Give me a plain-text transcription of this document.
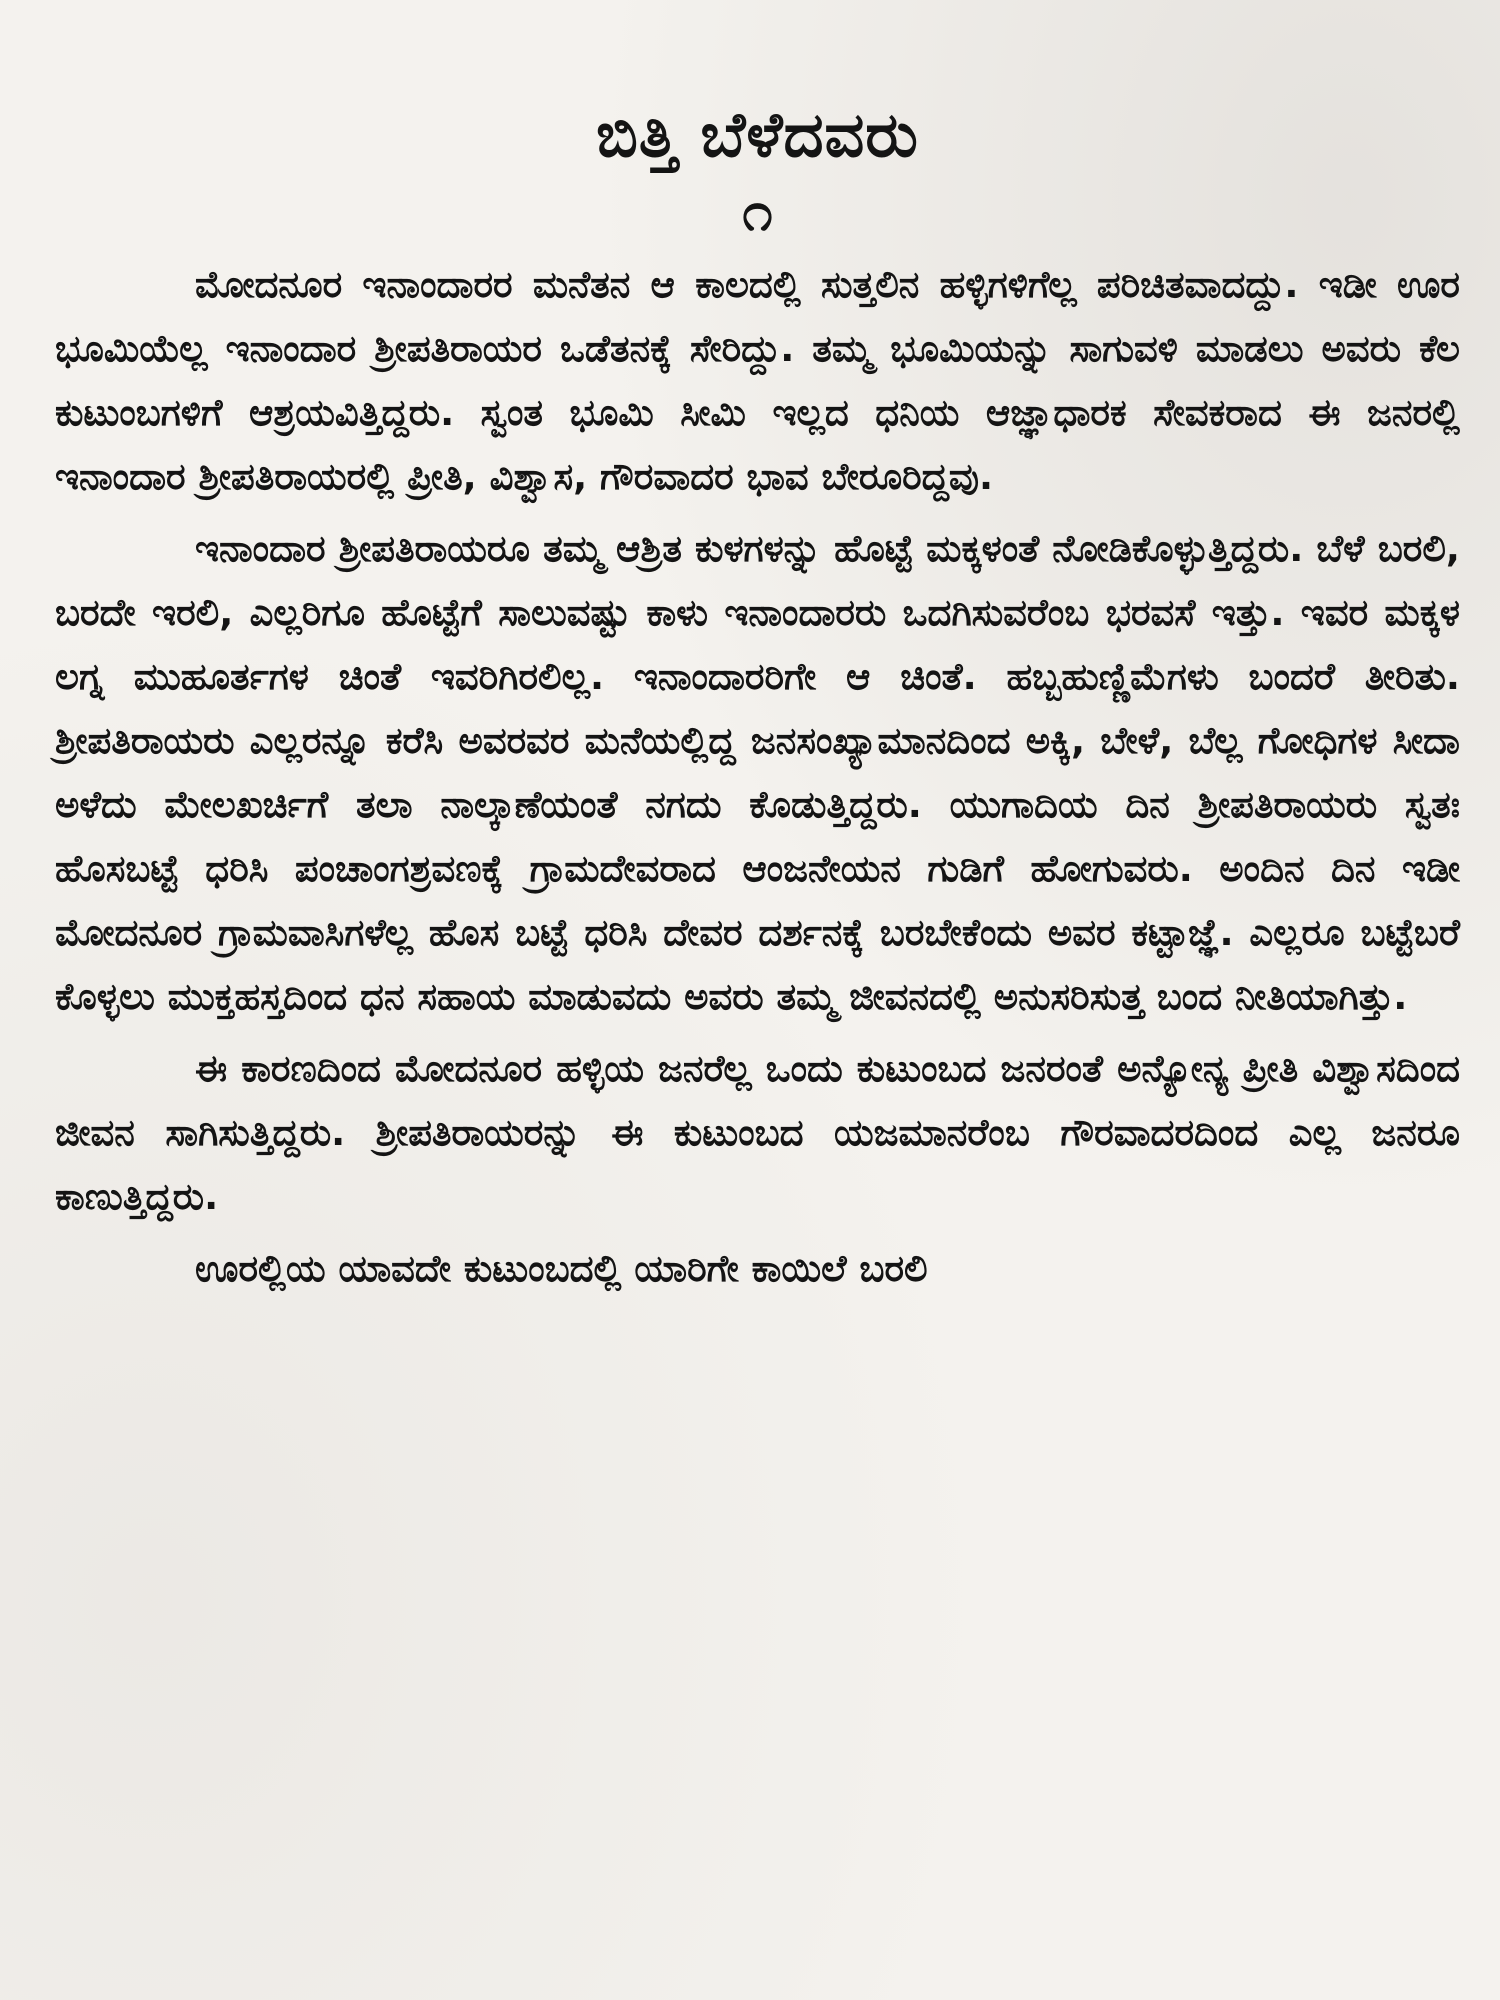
ಬಿತ್ತಿ ಬೆಳೆದವರು
೧

ಮೋದನೂರ ಇನಾಂದಾರರ ಮನೆತನ ಆ ಕಾಲದಲ್ಲಿ ಸುತ್ತಲಿನ ಹಳ್ಳಿಗಳಿಗೆಲ್ಲ ಪರಿಚಿತವಾದದ್ದು. ಇಡೀ ಊರ ಭೂಮಿಯೆಲ್ಲ ಇನಾಂದಾರ ಶ್ರೀಪತಿರಾಯರ ಒಡೆತನಕ್ಕೆ ಸೇರಿದ್ದು. ತಮ್ಮ ಭೂಮಿಯನ್ನು ಸಾಗುವಳಿ ಮಾಡಲು ಅವರು ಕೆಲ ಕುಟುಂಬಗಳಿಗೆ ಆಶ್ರಯವಿತ್ತಿದ್ದರು. ಸ್ವಂತ ಭೂಮಿ ಸೀಮಿ ಇಲ್ಲದ ಧನಿಯ ಆಜ್ಞಾಧಾರಕ ಸೇವಕರಾದ ಈ ಜನರಲ್ಲಿ ಇನಾಂದಾರ ಶ್ರೀಪತಿರಾಯರಲ್ಲಿ ಪ್ರೀತಿ, ವಿಶ್ವಾಸ, ಗೌರವಾದರ ಭಾವ ಬೇರೂರಿದ್ದವು.

ಇನಾಂದಾರ ಶ್ರೀಪತಿರಾಯರೂ ತಮ್ಮ ಆಶ್ರಿತ ಕುಳಗಳನ್ನು ಹೊಟ್ಟೆ ಮಕ್ಕಳಂತೆ ನೋಡಿಕೊಳ್ಳುತ್ತಿದ್ದರು. ಬೆಳೆ ಬರಲಿ, ಬರದೇ ಇರಲಿ, ಎಲ್ಲರಿಗೂ ಹೊಟ್ಟೆಗೆ ಸಾಲುವಷ್ಟು ಕಾಳು ಇನಾಂದಾರರು ಒದಗಿಸುವರೆಂಬ ಭರವಸೆ ಇತ್ತು. ಇವರ ಮಕ್ಕಳ ಲಗ್ನ ಮುಹೂರ್ತಗಳ ಚಿಂತೆ ಇವರಿಗಿರಲಿಲ್ಲ. ಇನಾಂದಾರರಿಗೇ ಆ ಚಿಂತೆ. ಹಬ್ಬಹುಣ್ಣಿಮೆಗಳು ಬಂದರೆ ತೀರಿತು. ಶ್ರೀಪತಿರಾಯರು ಎಲ್ಲರನ್ನೂ ಕರೆಸಿ ಅವರವರ ಮನೆಯಲ್ಲಿದ್ದ ಜನಸಂಖ್ಯಾಮಾನದಿಂದ ಅಕ್ಕಿ, ಬೇಳೆ, ಬೆಲ್ಲ ಗೋಧಿಗಳ ಸೀದಾ ಅಳೆದು ಮೇಲಖರ್ಚಿಗೆ ತಲಾ ನಾಲ್ಕಾಣೆಯಂತೆ ನಗದು ಕೊಡುತ್ತಿದ್ದರು. ಯುಗಾದಿಯ ದಿನ ಶ್ರೀಪತಿರಾಯರು ಸ್ವತಃ ಹೊಸಬಟ್ಟೆ ಧರಿಸಿ ಪಂಚಾಂಗಶ್ರವಣಕ್ಕೆ ಗ್ರಾಮದೇವರಾದ ಆಂಜನೇಯನ ಗುಡಿಗೆ ಹೋಗುವರು. ಅಂದಿನ ದಿನ ಇಡೀ ಮೋದನೂರ ಗ್ರಾಮವಾಸಿಗಳೆಲ್ಲ ಹೊಸ ಬಟ್ಟೆ ಧರಿಸಿ ದೇವರ ದರ್ಶನಕ್ಕೆ ಬರಬೇಕೆಂದು ಅವರ ಕಟ್ಟಾಜ್ಞೆ. ಎಲ್ಲರೂ ಬಟ್ಟೆಬರೆ ಕೊಳ್ಳಲು ಮುಕ್ತಹಸ್ತದಿಂದ ಧನ ಸಹಾಯ ಮಾಡುವದು ಅವರು ತಮ್ಮ ಜೀವನದಲ್ಲಿ ಅನುಸರಿಸುತ್ತ ಬಂದ ನೀತಿಯಾಗಿತ್ತು.

ಈ ಕಾರಣದಿಂದ ಮೋದನೂರ ಹಳ್ಳಿಯ ಜನರೆಲ್ಲ ಒಂದು ಕುಟುಂಬದ ಜನರಂತೆ ಅನ್ಯೋನ್ಯ ಪ್ರೀತಿ ವಿಶ್ವಾಸದಿಂದ ಜೀವನ ಸಾಗಿಸುತ್ತಿದ್ದರು. ಶ್ರೀಪತಿರಾಯರನ್ನು ಈ ಕುಟುಂಬದ ಯಜಮಾನರೆಂಬ ಗೌರವಾದರದಿಂದ ಎಲ್ಲ ಜನರೂ ಕಾಣುತ್ತಿದ್ದರು.

ಊರಲ್ಲಿಯ ಯಾವದೇ ಕುಟುಂಬದಲ್ಲಿ ಯಾರಿಗೇ ಕಾಯಿಲೆ ಬರಲಿ
